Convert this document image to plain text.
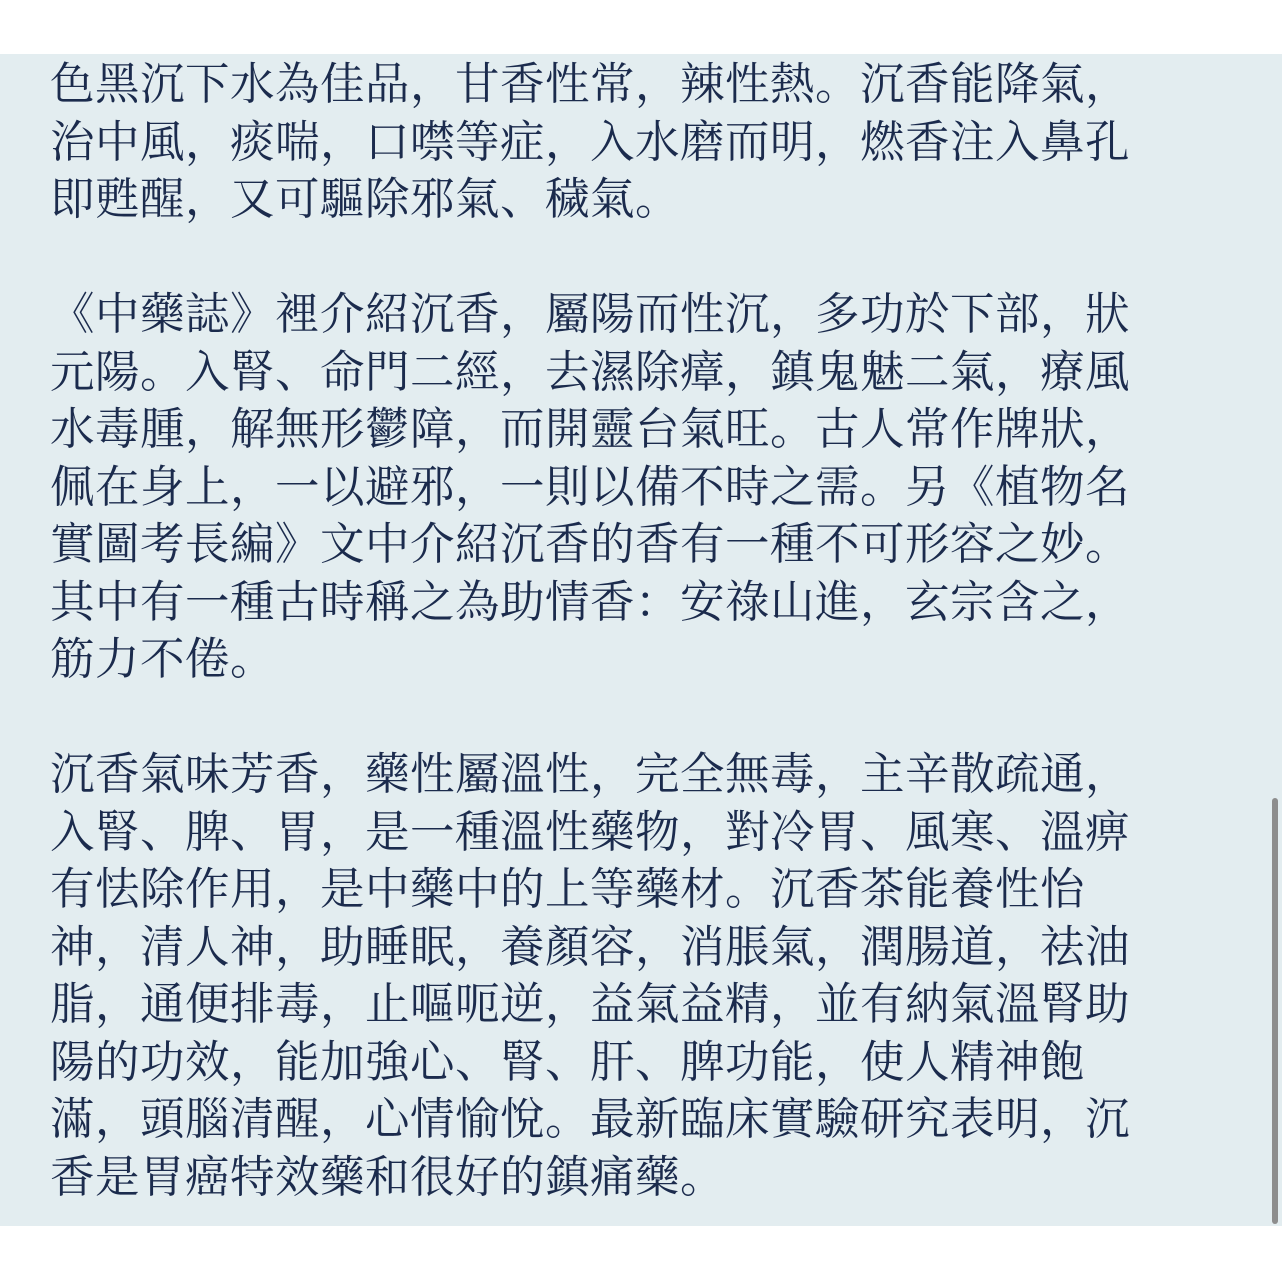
色黑沉下水為佳品，甘香性常，辣性熱。沉香能降氣，
治中風，痰喘，口噤等症，入水磨而明，燃香注入鼻孔
即甦醒，又可驅除邪氣、穢氣。

《中藥誌》裡介紹沉香，屬陽而性沉，多功於下部，狀
元陽。入腎、命門二經，去濕除瘴，鎮鬼魅二氣，療風
水毒腫，解無形鬱障，而開靈台氣旺。古人常作牌狀，
佩在身上，一以避邪，一則以備不時之需。另《植物名
實圖考長編》文中介紹沉香的香有一種不可形容之妙。
其中有一種古時稱之為助情香：安祿山進，玄宗含之，
筋力不倦。

沉香氣味芳香，藥性屬溫性，完全無毒，主辛散疏通，
入腎、脾、胃，是一種溫性藥物，對冷胃、風寒、溫痹
有怯除作用，是中藥中的上等藥材。沉香茶能養性怡
神，清人神，助睡眠，養顏容，消脹氣，潤腸道，祛油
脂，通便排毒，止嘔呃逆，益氣益精，並有納氣溫腎助
陽的功效，能加強心、腎、肝、脾功能，使人精神飽
滿，頭腦清醒，心情愉悅。最新臨床實驗研究表明，沉
香是胃癌特效藥和很好的鎮痛藥。
